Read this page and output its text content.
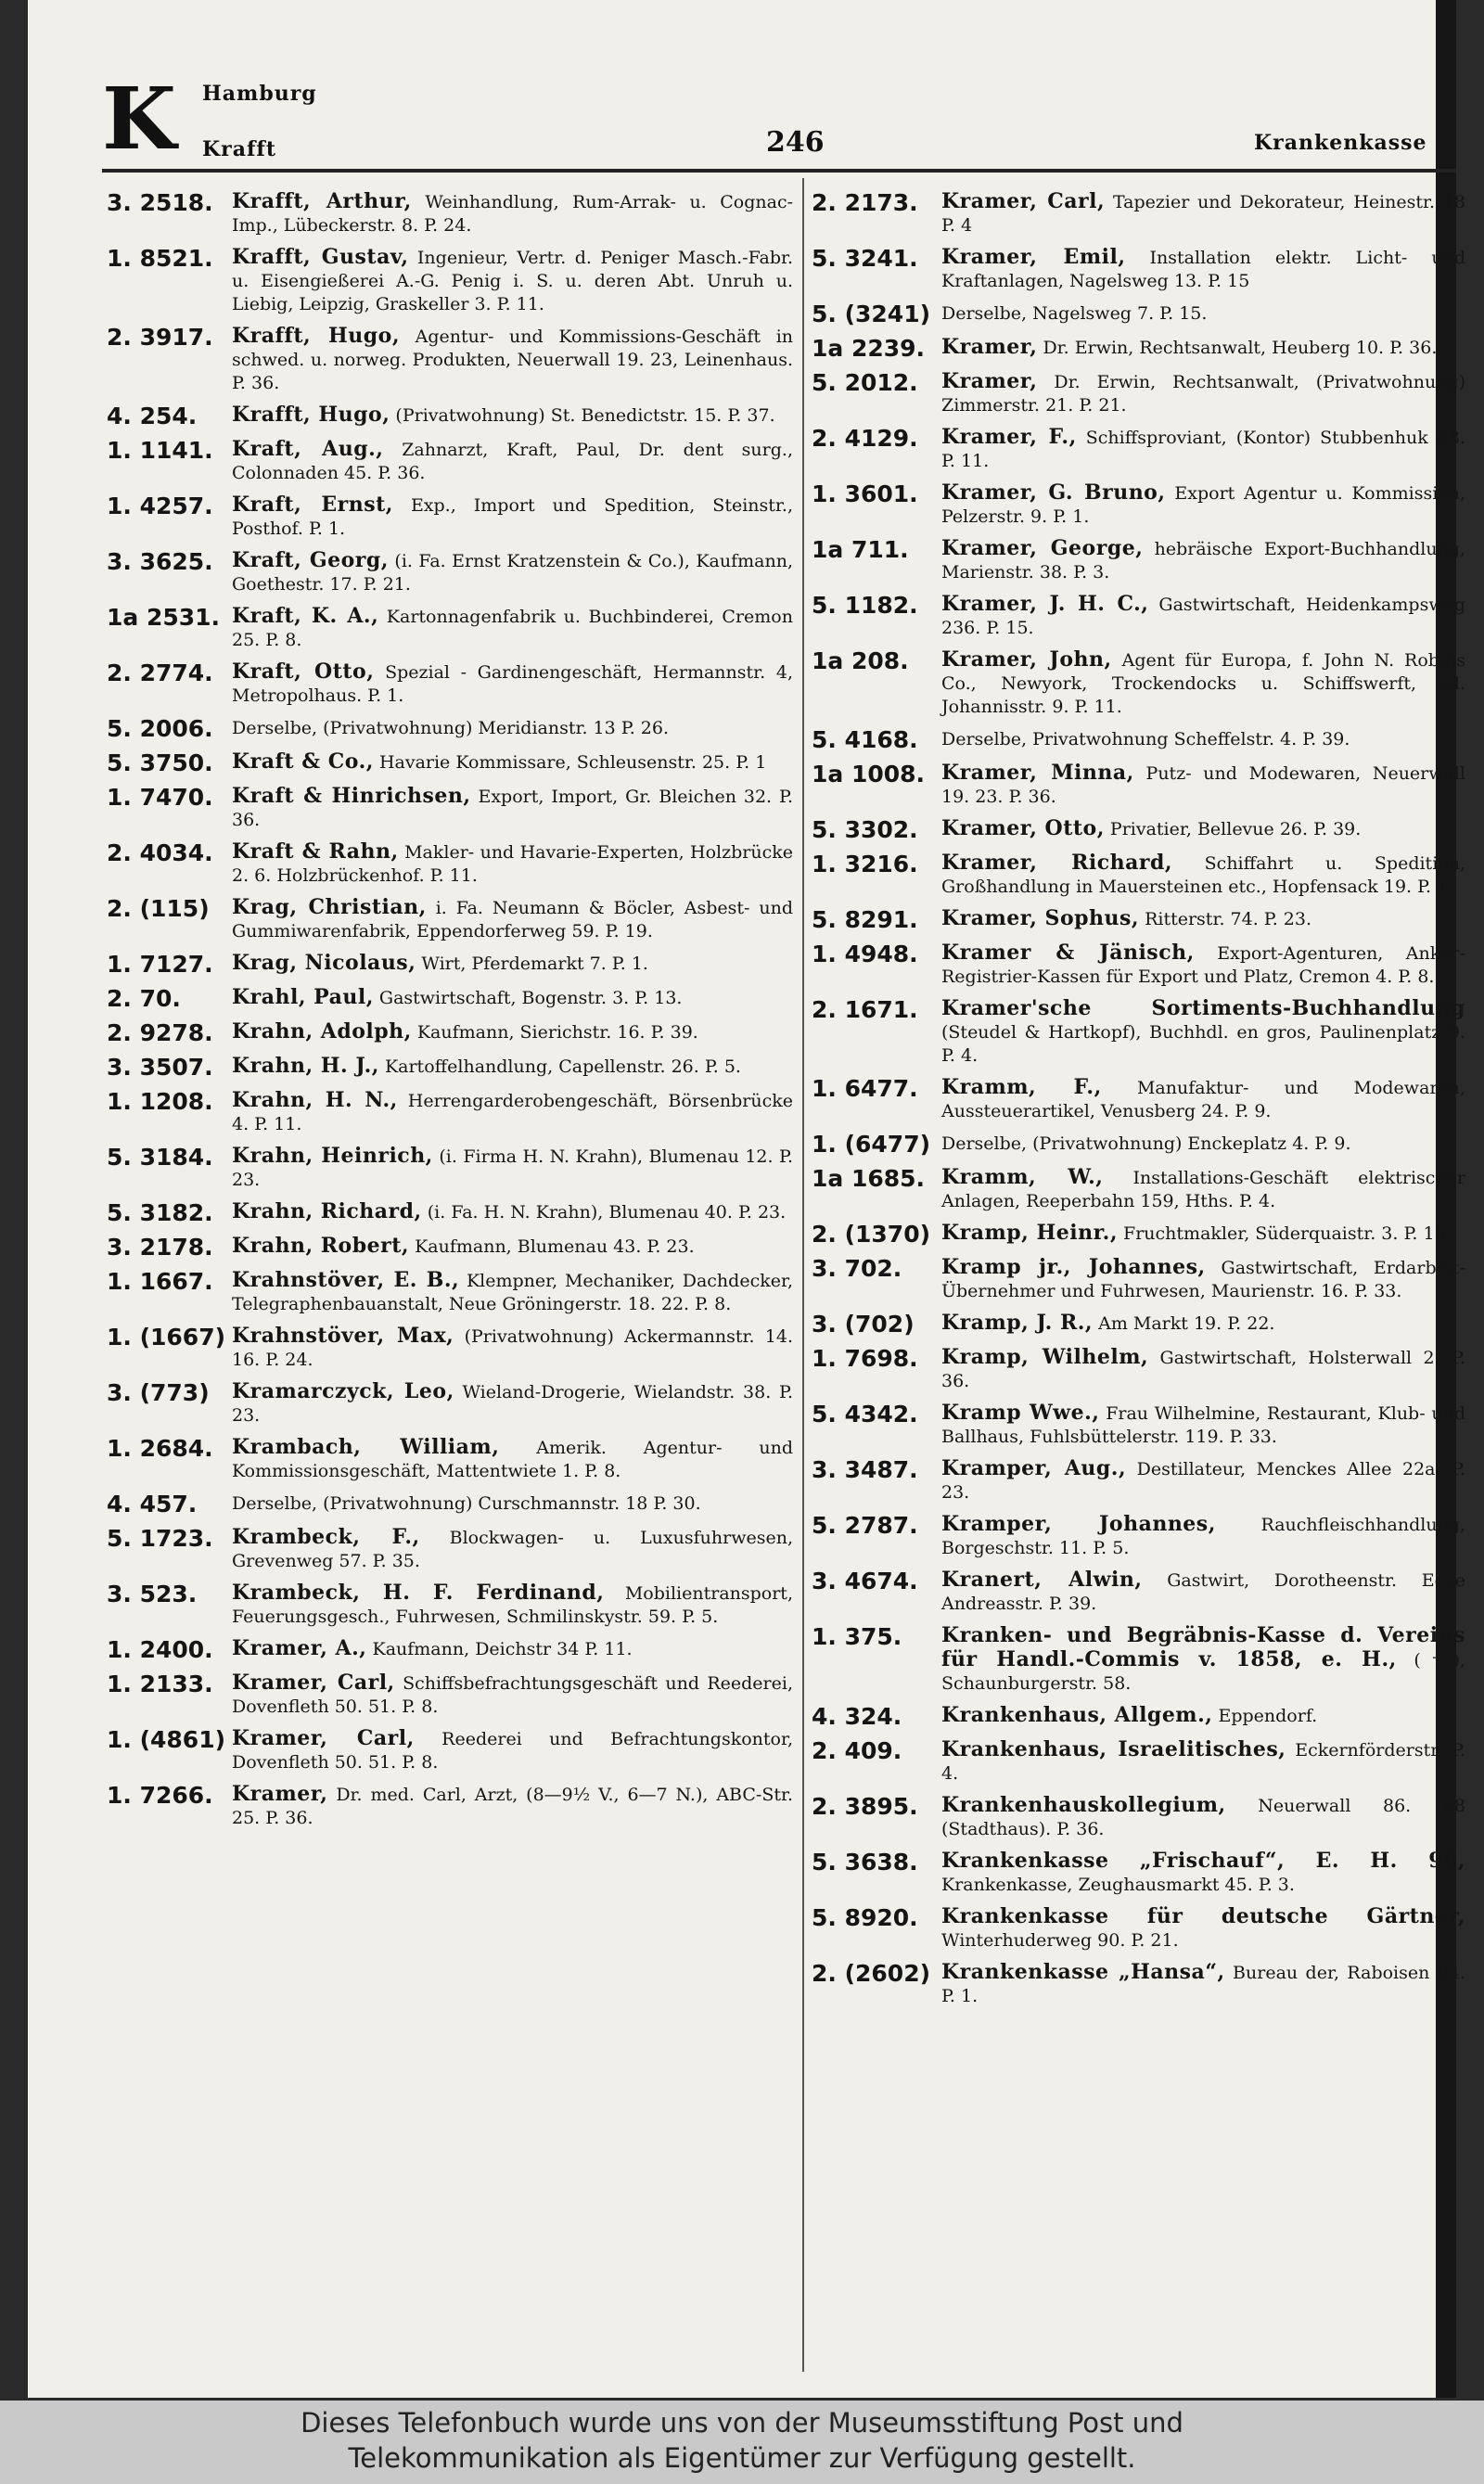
K Hamburg
Krafft	246	Krankenkasse
3. 2518. Krafft, Arthur, Weinhandlung, Rum-Arrak- u. Cognac-Imp., Lübeckerstr. 8. P. 24.
1. 8521. Krafft, Gustav, Ingenieur, Vertr. d. Peniger Masch.-Fabr. u. Eisengießerei A.-G. Penig i. S. u. deren Abt. Unruh u. Liebig, Leipzig, Graskeller 3. P. 11.
2. 3917. Krafft, Hugo, Agentur- und Kommissions-Geschäft in schwed. u. norweg. Produkten, Neuerwall 19. 23, Leinenhaus. P. 36.
4. 254.	Krafft, Hugo, (Privatwohnung) St. Benedictstr. 15. P. 37.
1. 1141. Kraft, Aug., Zahnarzt, Kraft, Paul, Dr. dent surg., Colonnaden 45. P. 36.
1. 4257. Kraft, Ernst, Exp., Import und Spedition, Steinstr., Posthof. P. 1.
3. 3625. Kraft, Georg, (i. Fa. Ernst Kratzenstein & Co.), Kaufmann, Goethestr. 17. P. 21.
1a 2531. Kraft, K. A., Kartonnagenfabrik u. Buchbinderei, Cremon 25. P. 8.
2. 2774. Kraft, Otto, Spezial - Gardinengeschäft, Hermannstr. 4, Metropolhaus. P. 1.
5. 2006.	Derselbe, (Privatwohnung) Meridianstr. 13 P. 26.
5. 3750. Kraft & Co., Havarie Kommissare, Schleusenstr. 25. P. 1
1. 7470. Kraft & Hinrichsen, Export, Import, Gr. Bleichen 32. P. 36.
2. 4034. Kraft & Rahn, Makler- und Havarie-Experten, Holzbrücke 2. 6. Holzbrückenhof. P. 11.
2. (115)	Krag, Christian, i. Fa. Neumann & Böcler, Asbest- und Gummiwarenfabrik, Eppendorferweg 59. P. 19.
1. 7127. Krag, Nicolaus, Wirt, Pferdemarkt 7. P. 1.
2. 70.	Krahl, Paul, Gastwirtschaft, Bogenstr. 3. P. 13.
2. 9278. Krahn, Adolph, Kaufmann, Sierichstr. 16. P. 39.
3. 3507. Krahn, H. J., Kartoffelhandlung, Capellenstr. 26. P. 5.
1. 1208. Krahn, H. N., Herrengarderobengeschäft, Börsenbrücke 4. P. 11.
5. 3184. Krahn, Heinrich, (i. Firma H. N. Krahn), Blumenau 12. P. 23.
5. 3182. Krahn, Richard, (i. Fa. H. N. Krahn), Blumenau 40. P. 23.
3. 2178. Krahn, Robert, Kaufmann, Blumenau 43. P. 23.
1. 1667. Krahnstöver, E. B., Klempner, Mechaniker, Dachdecker, Telegraphenbauanstalt, Neue Gröningerstr. 18. 22. P. 8.
1. (1667) Krahnstöver, Max, (Privatwohnung) Ackermannstr. 14. 16. P. 24.
3. (773)	Kramarczyck, Leo, Wieland-Drogerie, Wielandstr. 38. P. 23.
1. 2684. Krambach, William, Amerik. Agentur- und Kommissionsgeschäft, Mattentwiete 1. P. 8.
4. 457.	Derselbe, (Privatwohnung) Curschmannstr. 18 P. 30.
5. 1723. Krambeck, F., Blockwagen- u. Luxusfuhrwesen, Grevenweg 57. P. 35.
3. 523.	Krambeck, H. F. Ferdinand, Mobilientransport, Feuerungsgesch., Fuhrwesen, Schmilinskystr. 59. P. 5.
1. 2400. Kramer, A., Kaufmann, Deichstr 34 P. 11.
1. 2133. Kramer, Carl, Schiffsbefrachtungsgeschäft und Reederei, Dovenfleth 50. 51. P. 8.
1. (4861) Kramer, Carl, Reederei und Befrachtungskontor, Dovenfleth 50. 51. P. 8.
1. 7266. Kramer, Dr. med. Carl, Arzt, (8—9½ V., 6—7 N.), ABC-Str. 25. P. 36.
2. 2173.	Kramer, Carl, Tapezier und Dekorateur, Heinestr. 18 P. 4
5. 3241.	Kramer, Emil, Installation elektr. Licht- und Kraftanlagen, Nagelsweg 13. P. 15
5. (3241) Derselbe, Nagelsweg 7. P. 15.
1a 2239. Kramer, Dr. Erwin, Rechtsanwalt, Heuberg 10. P. 36.
5. 2012.	Kramer, Dr. Erwin, Rechtsanwalt, (Privatwohnung) Zimmerstr. 21. P. 21.
2. 4129.	Kramer, F., Schiffsproviant, (Kontor) Stubbenhuk 38. P. 11.
1. 3601.	Kramer, G. Bruno, Export Agentur u. Kommission, Pelzerstr. 9. P. 1.
1a 711.	Kramer, George, hebräische Export-Buchhandlung, Marienstr. 38. P. 3.
5. 1182.	Kramer, J. H. C., Gastwirtschaft, Heidenkampsweg 236. P. 15.
1a 208.	Kramer, John, Agent für Europa, f. John N. Robins Co., Newyork, Trockendocks u. Schiffswerft, Kl. Johannisstr. 9. P. 11.
5. 4168.	Derselbe, Privatwohnung Scheffelstr. 4. P. 39.
1a 1008. Kramer, Minna, Putz- und Modewaren, Neuerwall 19. 23. P. 36.
5. 3302.	Kramer, Otto, Privatier, Bellevue 26. P. 39.
1. 3216.	Kramer, Richard, Schiffahrt u. Spedition, Großhandlung in Mauersteinen etc., Hopfensack 19. P. 1.
5. 8291.	Kramer, Sophus, Ritterstr. 74. P. 23.
1. 4948.	Kramer & Jänisch, Export-Agenturen, Anker-Registrier-Kassen für Export und Platz, Cremon 4. P. 8.
2. 1671.	Kramer'sche Sortiments-Buchhandlung (Steudel & Hartkopf), Buchhdl. en gros, Paulinenplatz 9. P. 4.
1. 6477.	Kramm, F., Manufaktur- und Modewaren, Aussteuerartikel, Venusberg 24. P. 9.
1. (6477) Derselbe, (Privatwohnung) Enckeplatz 4. P. 9.
1a 1685. Kramm, W., Installations-Geschäft elektrischer Anlagen, Reeperbahn 159, Hths. P. 4.
2. (1370) Kramp, Heinr., Fruchtmakler, Süderquaistr. 3. P. 15.
3. 702.	Kramp jr., Johannes, Gastwirtschaft, Erdarbeit-Übernehmer und Fuhrwesen, Maurienstr. 16. P. 33.
3. (702)	Kramp, J. R., Am Markt 19. P. 22.
1. 7698.	Kramp, Wilhelm, Gastwirtschaft, Holsterwall 2. P. 36.
5. 4342.	Kramp Wwe., Frau Wilhelmine, Restaurant, Klub- und Ballhaus, Fuhlsbüttelerstr. 119. P. 33.
3. 3487.	Kramper, Aug., Destillateur, Menckes Allee 22a. P. 23.
5. 2787.	Kramper, Johannes,	Rauchfleischhandlung, Borgeschstr. 11. P. 5.
3. 4674.	Kranert, Alwin, Gastwirt, Dorotheenstr. Ecke Andreasstr. P. 39.
1. 375.	Kranken- und Begräbnis-Kasse d. Vereins für Handl.-Commis v. 1858, e. H., (†), Schaunburgerstr. 58.
4. 324.	Krankenhaus, Allgem., Eppendorf.
2. 409.	Krankenhaus, Israelitisches, Eckernförderstr. P. 4.
2. 3895.	Krankenhauskollegium, Neuerwall 86. 88 (Stadthaus). P. 36.
5. 3638.	Krankenkasse „Frischauf“, E. H. 98, Krankenkasse, Zeughausmarkt 45. P. 3.
5. 8920.	Krankenkasse für deutsche Gärtner, Winterhuderweg 90. P. 21.
2. (2602) Krankenkasse „Hansa“, Bureau der, Raboisen 84. P. 1.
Dieses Telefonbuch wurde uns von der Museumsstiftung Post und
Telekommunikation als Eigentümer zur Verfügung gestellt.
